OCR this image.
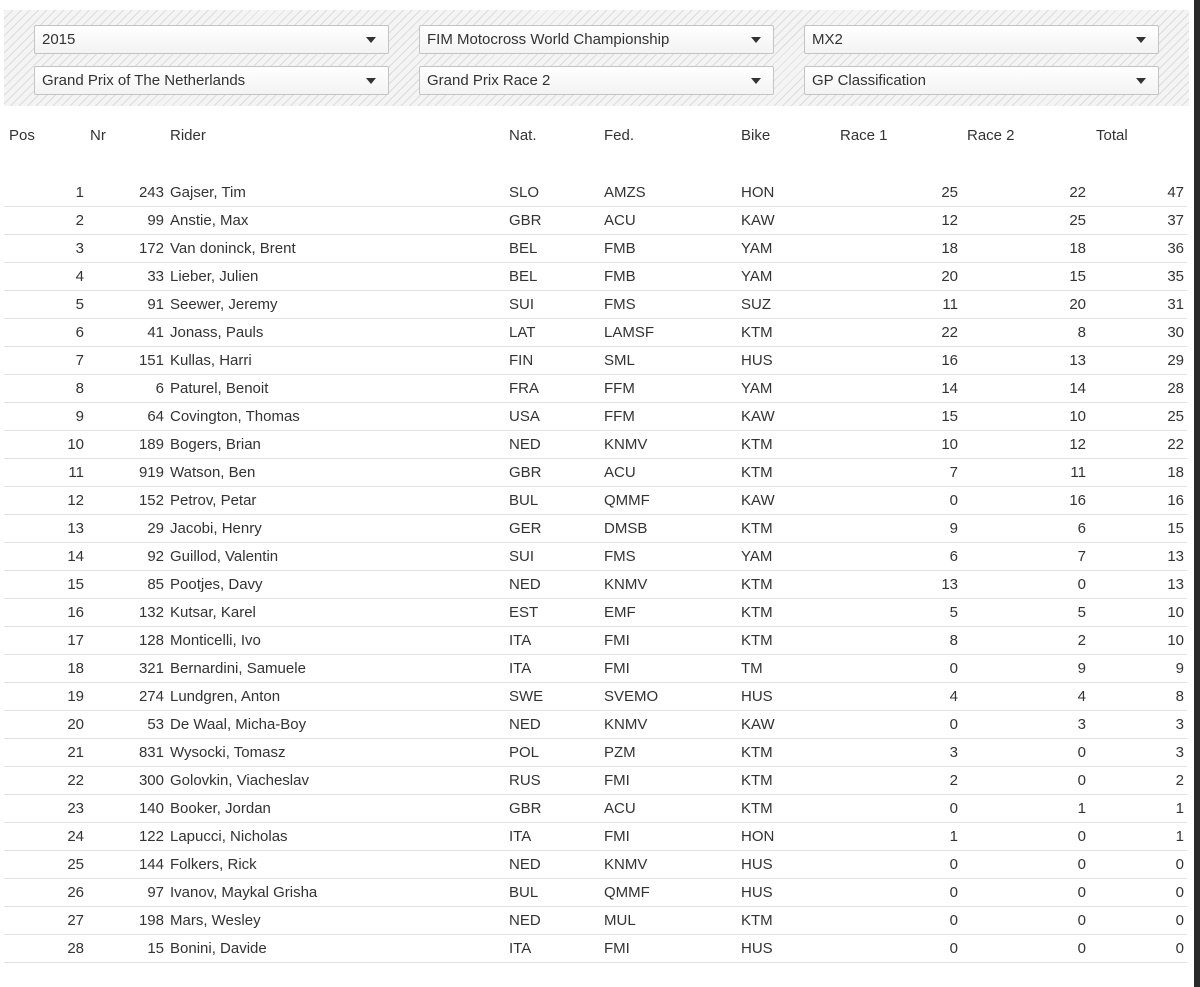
2015	FIM Motocross World Championship	MX2
Grand Prix of The Netherlands	Grand Prix Race 2	GP Classification
Pos	Nr	Rider	Nat.	Fed.	Bike	Race 1	Race 2	Total
1	243 Gajser, Tim	SLO	AMZS	HON	25	22	47
2	99 Anstie, Max	GBR	ACU	KAW	12	25	37
3	172 Van doninck, Brent	BEL	FMB	YAM	18	18	36
4	33 Lieber, Julien	BEL	FMB	YAM	20	15	35
5	91 Seewer, Jeremy	SUI	FMS	SUZ	11	20	31
6	41 Jonass, Pauls	LAT	LAMSF	KTM	22	8	30
7	151 Kullas, Harri	FIN	SML	HUS	16	13	29
8	6 Paturel, Benoit	FRA	FFM	YAM	14	14	28
9	64 Covington, Thomas	USA	FFM	KAW	15	10	25
10	189 Bogers, Brian	NED	KNMV	KTM	10	12	22
11	919 Watson, Ben	GBR	ACU	KTM	7	11	18
12	152 Petrov, Petar	BUL	QMMF	KAW	0	16	16
13	29 Jacobi, Henry	GER	DMSB	KTM	9	6	15
14	92 Guillod, Valentin	SUI	FMS	YAM	6	7	13
15	85 Pootjes, Davy	NED	KNMV	KTM	13	0	13
16	132 Kutsar, Karel	EST	EMF	KTM	5	5	10
17	128 Monticelli, Ivo	ITA	FMI	KTM	8	2	10
18	321 Bernardini, Samuele	ITA	FMI	TM	0	9	9
19	274 Lundgren, Anton	SWE	SVEMO	HUS	4	4	8
20	53 De Waal, Micha-Boy	NED	KNMV	KAW	0	3	3
21	831 Wysocki, Tomasz	POL	PZM	KTM	3	0	3
22	300 Golovkin, Viacheslav	RUS	FMI	KTM	2	0	2
23	140 Booker, Jordan	GBR	ACU	KTM	0	1	1
24	122 Lapucci, Nicholas	ITA	FMI	HON	1	0	1
25	144 Folkers, Rick	NED	KNMV	HUS	0	0	0
26	97 Ivanov, Maykal Grisha	BUL	QMMF	HUS	0	0	0
27	198 Mars, Wesley	NED	MUL	KTM	0	0	0
28	15 Bonini, Davide	ITA	FMI	HUS	0	0	0
